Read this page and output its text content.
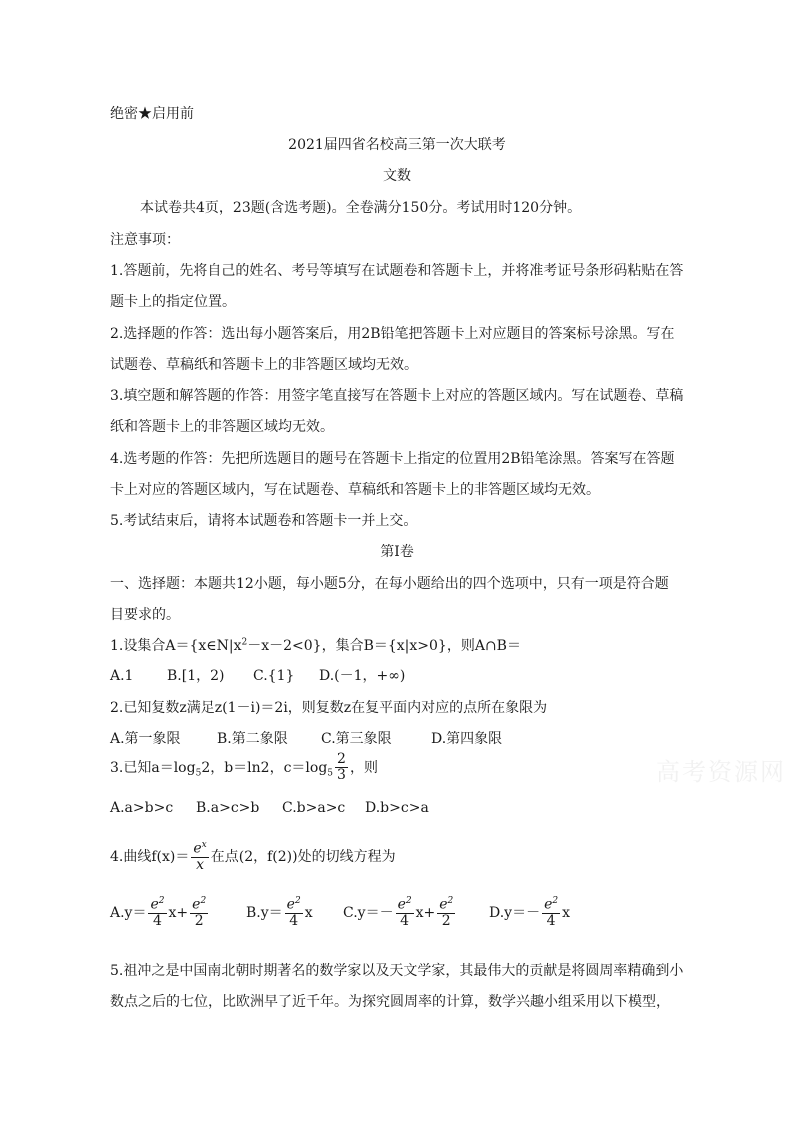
绝密★启用前
2021届四省名校高三第一次大联考
文数
本试卷共4页，23题(含选考题)。全卷满分150分。考试用时120分钟。
注意事项：
1.答题前，先将自己的姓名、考号等填写在试题卷和答题卡上，并将准考证号条形码粘贴在答
题卡上的指定位置。
2.选择题的作答：选出每小题答案后，用2B铅笔把答题卡上对应题目的答案标号涂黑。写在
试题卷、草稿纸和答题卡上的非答题区域均无效。
3.填空题和解答题的作答：用签字笔直接写在答题卡上对应的答题区域内。写在试题卷、草稿
纸和答题卡上的非答题区域均无效。
4.选考题的作答：先把所选题目的题号在答题卡上指定的位置用2B铅笔涂黑。答案写在答题
卡上对应的答题区域内，写在试题卷、草稿纸和答题卡上的非答题区域均无效。
5.考试结束后，请将本试题卷和答题卡一并上交。
第I卷
一、选择题：本题共12小题，每小题5分，在每小题给出的四个选项中，只有一项是符合题
目要求的。
1.设集合$A=\{x\in N|x^2-x-2<0\}$，集合B＝{x|x>0}，则A∩B＝
A.1 B.[1，2) C.{1} D.(－1，+∞)
2.已知复数z满足z(1－i)＝2i，则复数z在复平面内对应的点所在象限为
A.第一象限	B.第二象限 C.第三象限	D.第四象限
3.已知$a=\log_52$，b＝ln2，$c=\log_5 \frac{2}{3}$ ，则
A.a>b>c B.a>c>b C.b>a>c D.b>c>a
4.曲线$f(x)= \frac{e^x}{x}$ 在点(2，f(2))处的切线方程为
$A.y= \frac{e^2}{4} x+ \frac{e^2}{2}$	$B.y= \frac{e^2}{4}$ x $C.y=- \frac{e^2}{4} x+ \frac{e^2}{2} D.y=- \frac{e^2}{4}$ x
5.祖冲之是中国南北朝时期著名的数学家以及天文学家，其最伟大的贡献是将圆周率精确到小
数点之后的七位，比欧洲早了近千年。为探究圆周率的计算，数学兴趣小组采用以下模型，
高考资源网
